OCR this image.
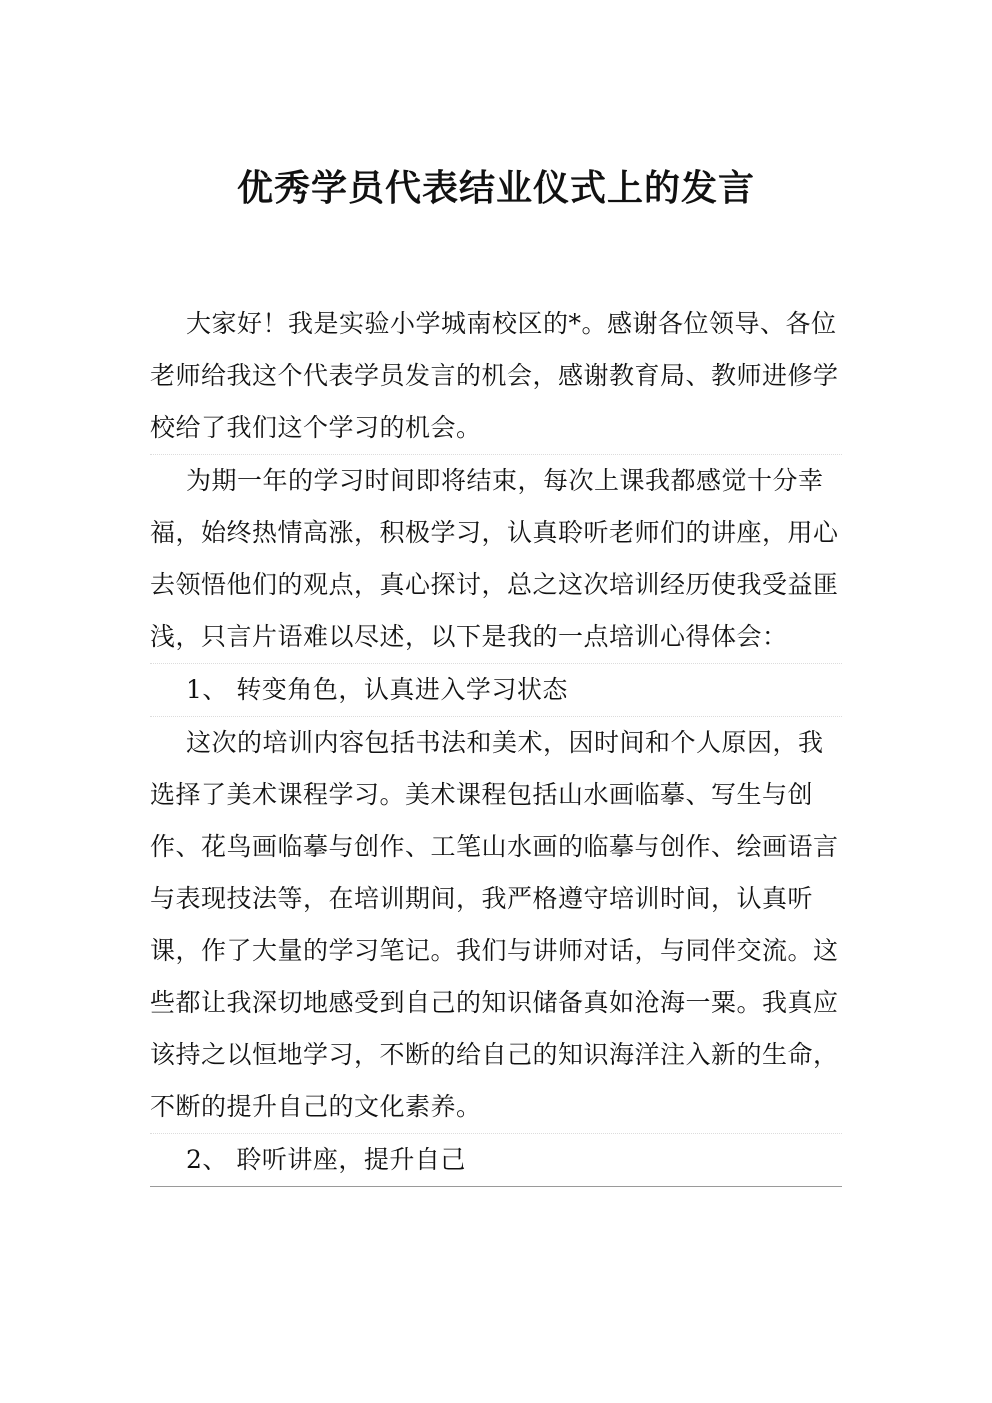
优秀学员代表结业仪式上的发言

大家好！我是实验小学城南校区的*。感谢各位领导、各位老师给我这个代表学员发言的机会，感谢教育局、教师进修学校给了我们这个学习的机会。

为期一年的学习时间即将结束，每次上课我都感觉十分幸福，始终热情高涨，积极学习，认真聆听老师们的讲座，用心去领悟他们的观点，真心探讨，总之这次培训经历使我受益匪浅，只言片语难以尽述，以下是我的一点培训心得体会：

1、 转变角色，认真进入学习状态

这次的培训内容包括书法和美术，因时间和个人原因，我选择了美术课程学习。美术课程包括山水画临摹、写生与创作、花鸟画临摹与创作、工笔山水画的临摹与创作、绘画语言与表现技法等，在培训期间，我严格遵守培训时间，认真听课，作了大量的学习笔记。我们与讲师对话，与同伴交流。这些都让我深切地感受到自己的知识储备真如沧海一粟。我真应该持之以恒地学习，不断的给自己的知识海洋注入新的生命，不断的提升自己的文化素养。

2、 聆听讲座，提升自己
